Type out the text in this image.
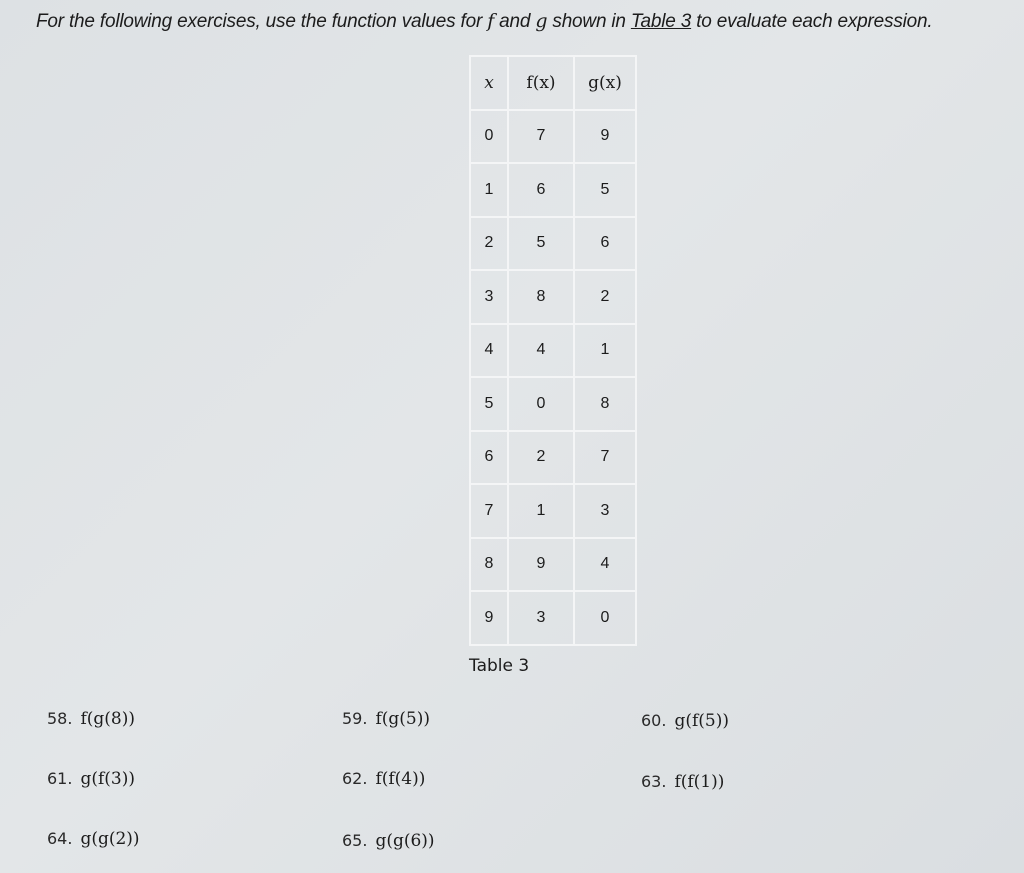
For the following exercises, use the function values for f and g shown in Table 3 to evaluate each expression.
x	f(x)	g(x)
0	7	9
1	6	5
2	5	6
3	8	2
4	4	1
5	0	8
6	2	7
7	1	3
8	9	4
9	3	0
Table 3
58. f(g(8))	59. f(g(5))	60. g(f(5))
61. g(f(3))	62. f(f(4))	63. f(f(1))
64. g(g(2))	65. g(g(6))
